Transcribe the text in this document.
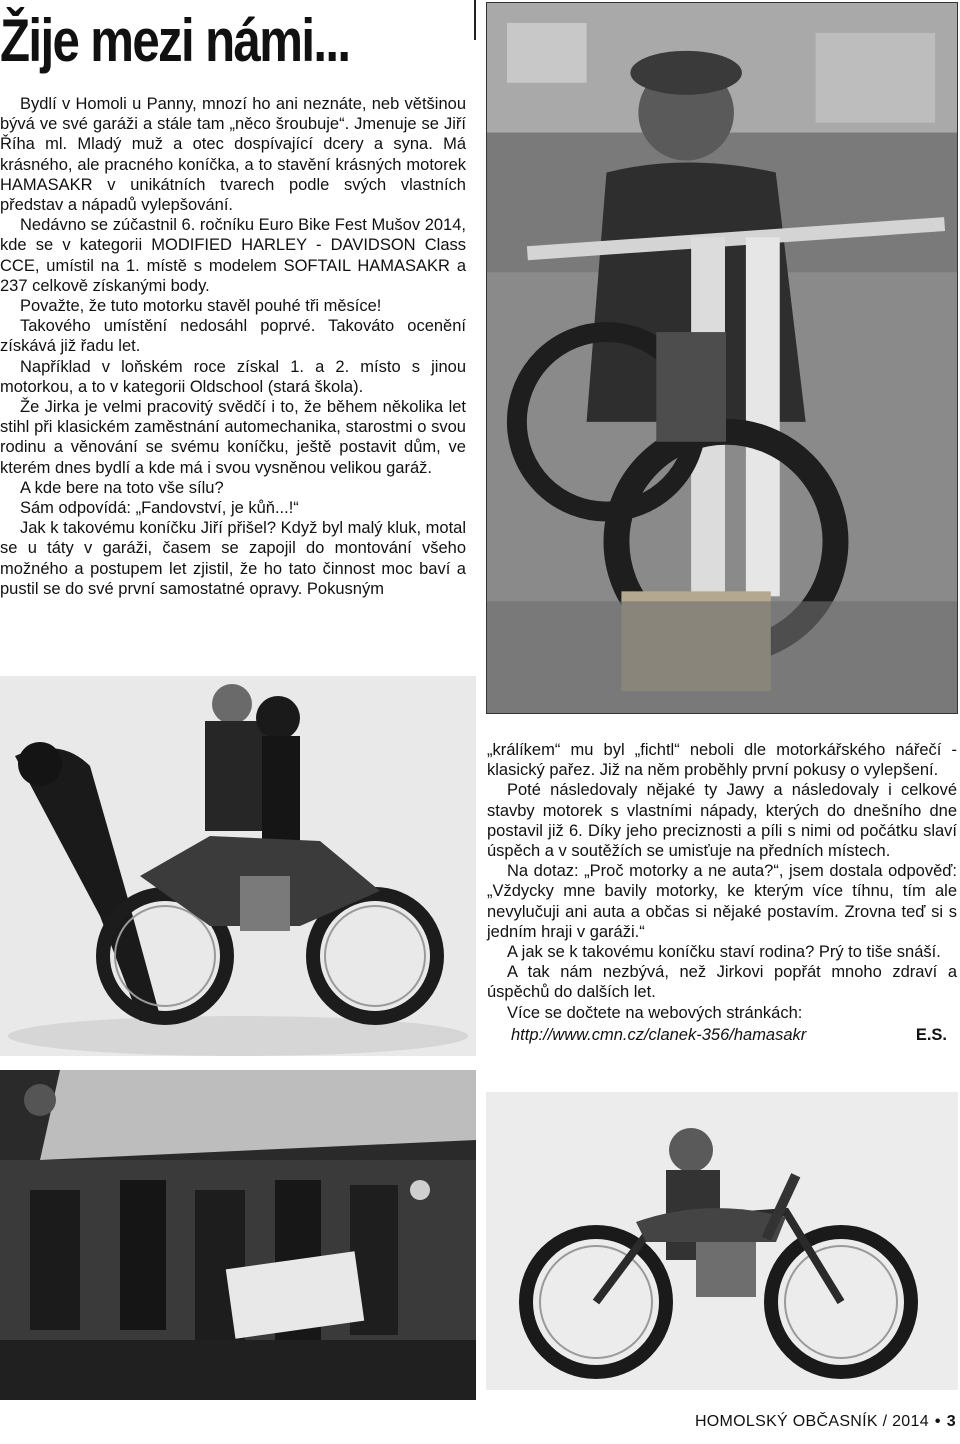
Žije mezi námi...

Bydlí v Homoli u Panny, mnozí ho ani neznáte, neb většinou bývá ve své garáži a stále tam „něco šroubuje“. Jmenuje se Jiří Říha ml. Mladý muž a otec dospívající dcery a syna. Má krásného, ale pracného koníčka, a to stavění krásných motorek HAMASAKR v unikátních tvarech podle svých vlastních představ a nápadů vylepšování.

Nedávno se zúčastnil 6. ročníku Euro Bike Fest Mušov 2014, kde se v kategorii MODIFIED HARLEY - DAVIDSON Class CCE, umístil na 1. místě s modelem SOFTAIL HAMASAKR a 237 celkově získanými body.

Považte, že tuto motorku stavěl pouhé tři měsíce!

Takového umístění nedosáhl poprvé. Takováto ocenění získává již řadu let.

Například v loňském roce získal 1. a 2. místo s jinou motorkou, a to v kategorii Oldschool (stará škola).

Že Jirka je velmi pracovitý svědčí i to, že během několika let stihl při klasickém zaměstnání automechanika, starostmi o svou rodinu a věnování se svému koníčku, ještě postavit dům, ve kterém dnes bydlí a kde má i svou vysněnou velikou garáž.

A kde bere na toto vše sílu?

Sám odpovídá: „Fandovství, je kůň...!“

Jak k takovému koníčku Jiří přišel? Když byl malý kluk, motal se u táty v garáži, časem se zapojil do montování všeho možného a postupem let zjistil, že ho tato činnost moc baví a pustil se do své první samostatné opravy. Pokusným

„králíkem“ mu byl „fichtl“ neboli dle motorkářského nářečí - klasický pařez. Již na něm proběhly první pokusy o vylepšení.

Poté následovaly nějaké ty Jawy a následovaly i celkové stavby motorek s vlastními nápady, kterých do dnešního dne postavil již 6. Díky jeho preciznosti a píli s nimi od počátku slaví úspěch a v soutěžích se umisťuje na předních místech.

Na dotaz: „Proč motorky a ne auta?“, jsem dostala odpověď: „Vždycky mne bavily motorky, ke kterým více tíhnu, tím ale nevylučuji ani auta a občas si nějaké postavím. Zrovna teď si s jedním hraji v garáži.“

A jak se k takovému koníčku staví rodina? Prý to tiše snáší.

A tak nám nezbývá, než Jirkovi popřát mnoho zdraví a úspěchů do dalších let.

Více se dočtete na webových stránkách:

http://www.cmn.cz/clanek-356/hamasakr	E.S.
HOMOLSKÝ OBČASNÍK / 2014 • 3
